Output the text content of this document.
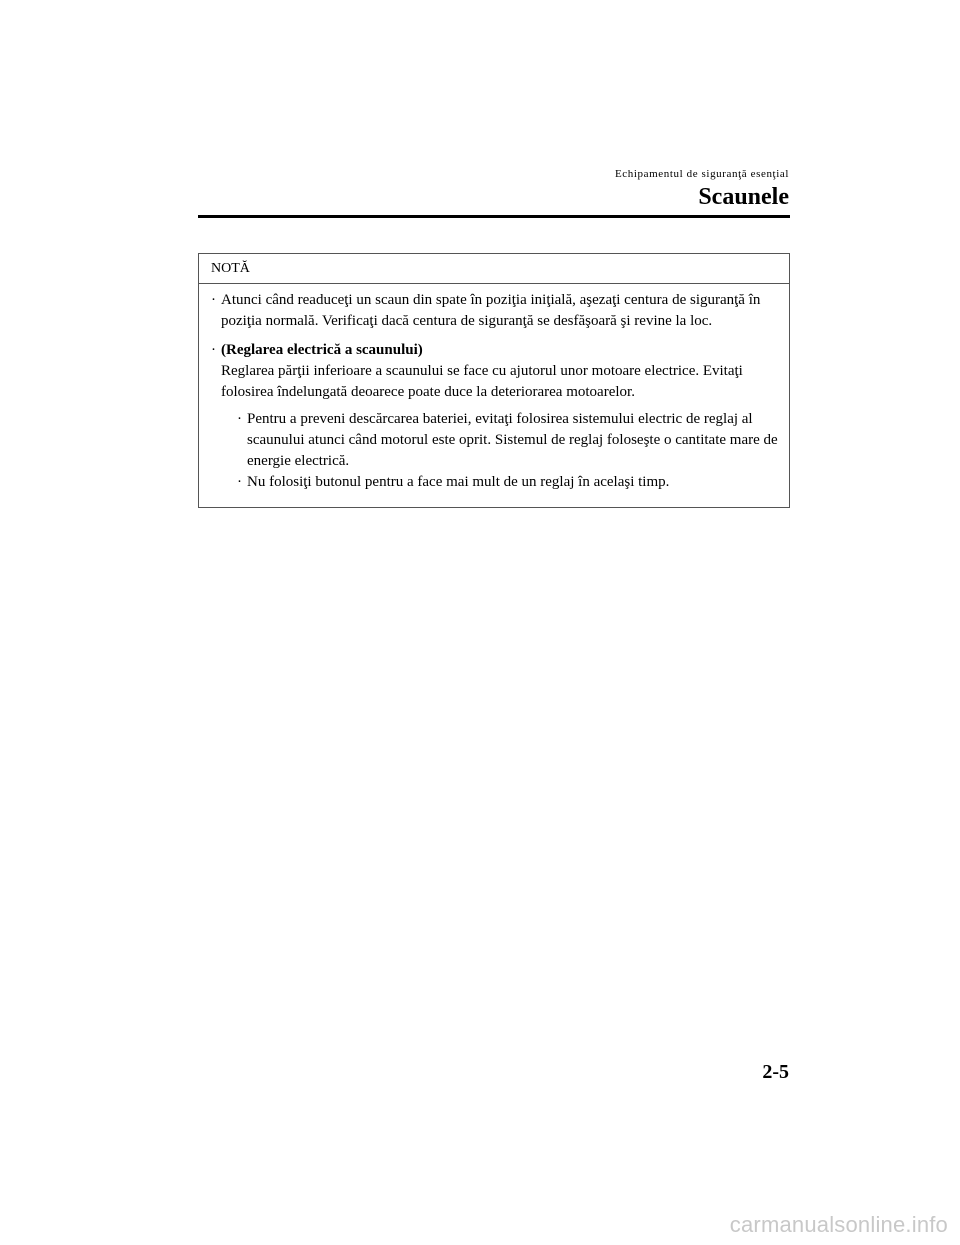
Echipamentul de siguranţă esenţial
Scaunele
NOTĂ
· Atunci când readuceţi un scaun din spate în poziţia iniţială, aşezaţi centura de siguranţă în poziţia normală. Verificaţi dacă centura de siguranţă se desfăşoară şi revine la loc.
· (Reglarea electrică a scaunului)
Reglarea părţii inferioare a scaunului se face cu ajutorul unor motoare electrice. Evitaţi folosirea îndelungată deoarece poate duce la deteriorarea motoarelor.
· Pentru a preveni descărcarea bateriei, evitaţi folosirea sistemului electric de reglaj al scaunului atunci când motorul este oprit. Sistemul de reglaj foloseşte o cantitate mare de energie electrică.
· Nu folosiţi butonul pentru a face mai mult de un reglaj în acelaşi timp.
2-5
carmanualsonline.info
